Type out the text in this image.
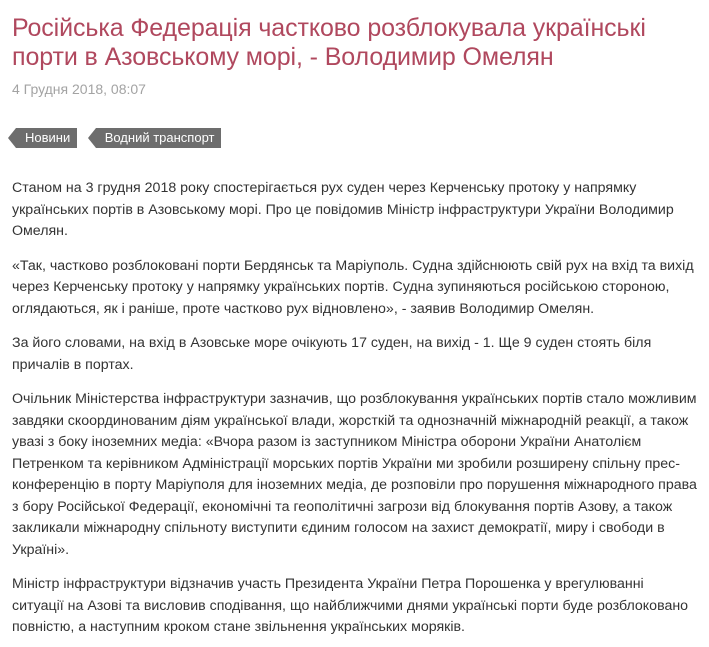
Російська Федерація частково розблокувала українські порти в Азовському морі, - Володимир Омелян
4 Грудня 2018, 08:07
Новини	Водний транспорт

Станом на 3 грудня 2018 року спостерігається рух суден через Керченську протоку у напрямку українських портів в Азовському морі. Про це повідомив Міністр інфраструктури України Володимир Омелян.

«Так, частково розблоковані порти Бердянськ та Маріуполь. Судна здійснюють свій рух на вхід та вихід через Керченську протоку у напрямку українських портів. Судна зупиняються російською стороною, оглядаються, як і раніше, проте частково рух відновлено», - заявив Володимир Омелян.

За його словами, на вхід в Азовське море очікують 17 суден, на вихід - 1. Ще 9 суден стоять біля причалів в портах.

Очільник Міністерства інфраструктури зазначив, що розблокування українських портів стало можливим завдяки скоординованим діям української влади, жорсткій та однозначній міжнародній реакції, а також увазі з боку іноземних медіа: «Вчора разом із заступником Міністра оборони України Анатолієм Петренком та керівником Адміністрації морських портів України ми зробили розширену спільну прес-конференцію в порту Маріуполя для іноземних медіа, де розповіли про порушення міжнародного права з бору Російської Федерації, економічні та геополітичні загрози від блокування портів Азову, а також закликали міжнародну спільноту виступити єдиним голосом на захист демократії, миру і свободи в Україні».

Міністр інфраструктури відзначив участь Президента України Петра Порошенка у врегулюванні ситуації на Азові та висловив сподівання, що найближчими днями українські порти буде розблоковано повністю, а наступним кроком стане звільнення українських моряків.
